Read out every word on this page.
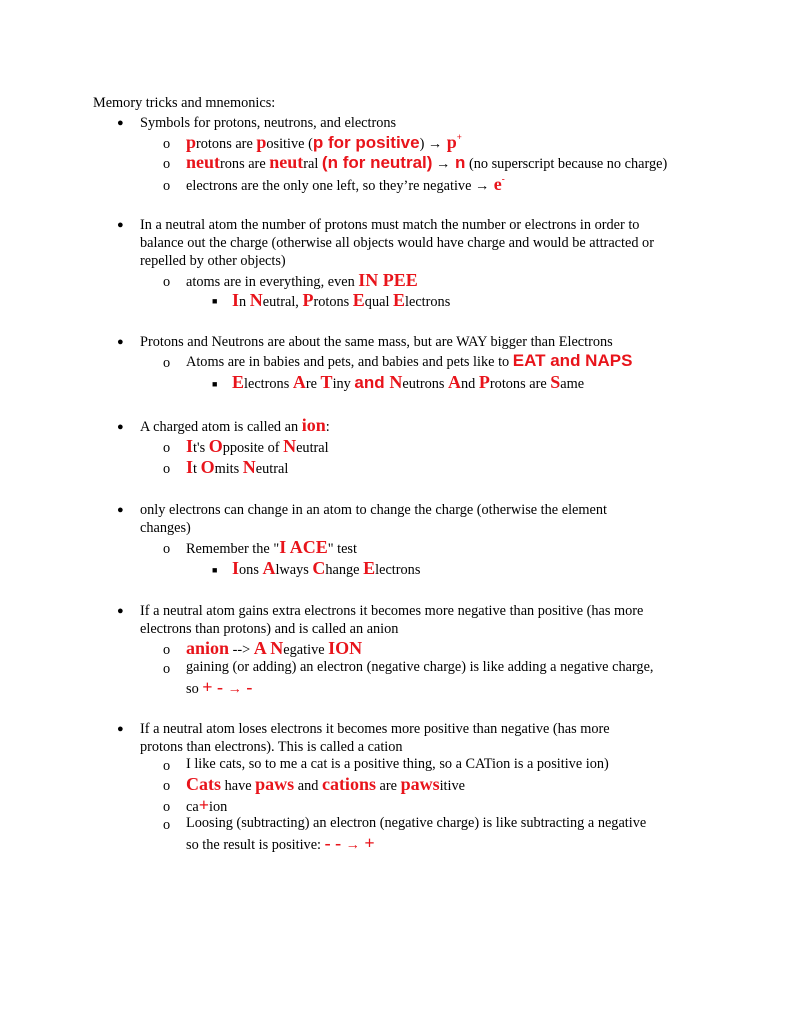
Memory tricks and mnemonics:
● Symbols for protons, neutrons, and electrons
o protons are positive (p for positive) → p+
o neutrons are neutral (n for neutral) → n (no superscript because no charge)
o electrons are the only one left, so they’re negative → e-
● In a neutral atom the number of protons must match the number or electrons in order to
balance out the charge (otherwise all objects would have charge and would be attracted or
repelled by other objects)
o atoms are in everything, even IN PEE
■ In Neutral, Protons Equal Electrons
● Protons and Neutrons are about the same mass, but are WAY bigger than Electrons
o Atoms are in babies and pets, and babies and pets like to EAT and NAPS
■ Electrons Are Tiny and Neutrons And Protons are Same
● A charged atom is called an ion:
o It's Opposite of Neutral
o It Omits Neutral
● only electrons can change in an atom to change the charge (otherwise the element
changes)
o Remember the "I ACE" test
■ Ions Always Change Electrons
● If a neutral atom gains extra electrons it becomes more negative than positive (has more
electrons than protons) and is called an anion
o anion --> A Negative ION
o gaining (or adding) an electron (negative charge) is like adding a negative charge,
so + - → -
● If a neutral atom loses electrons it becomes more positive than negative (has more
protons than electrons). This is called a cation
o I like cats, so to me a cat is a positive thing, so a CATion is a positive ion)
o Cats have paws and cations are pawsitive
o ca+ion
o Loosing (subtracting) an electron (negative charge) is like subtracting a negative
so the result is positive: - - → +
